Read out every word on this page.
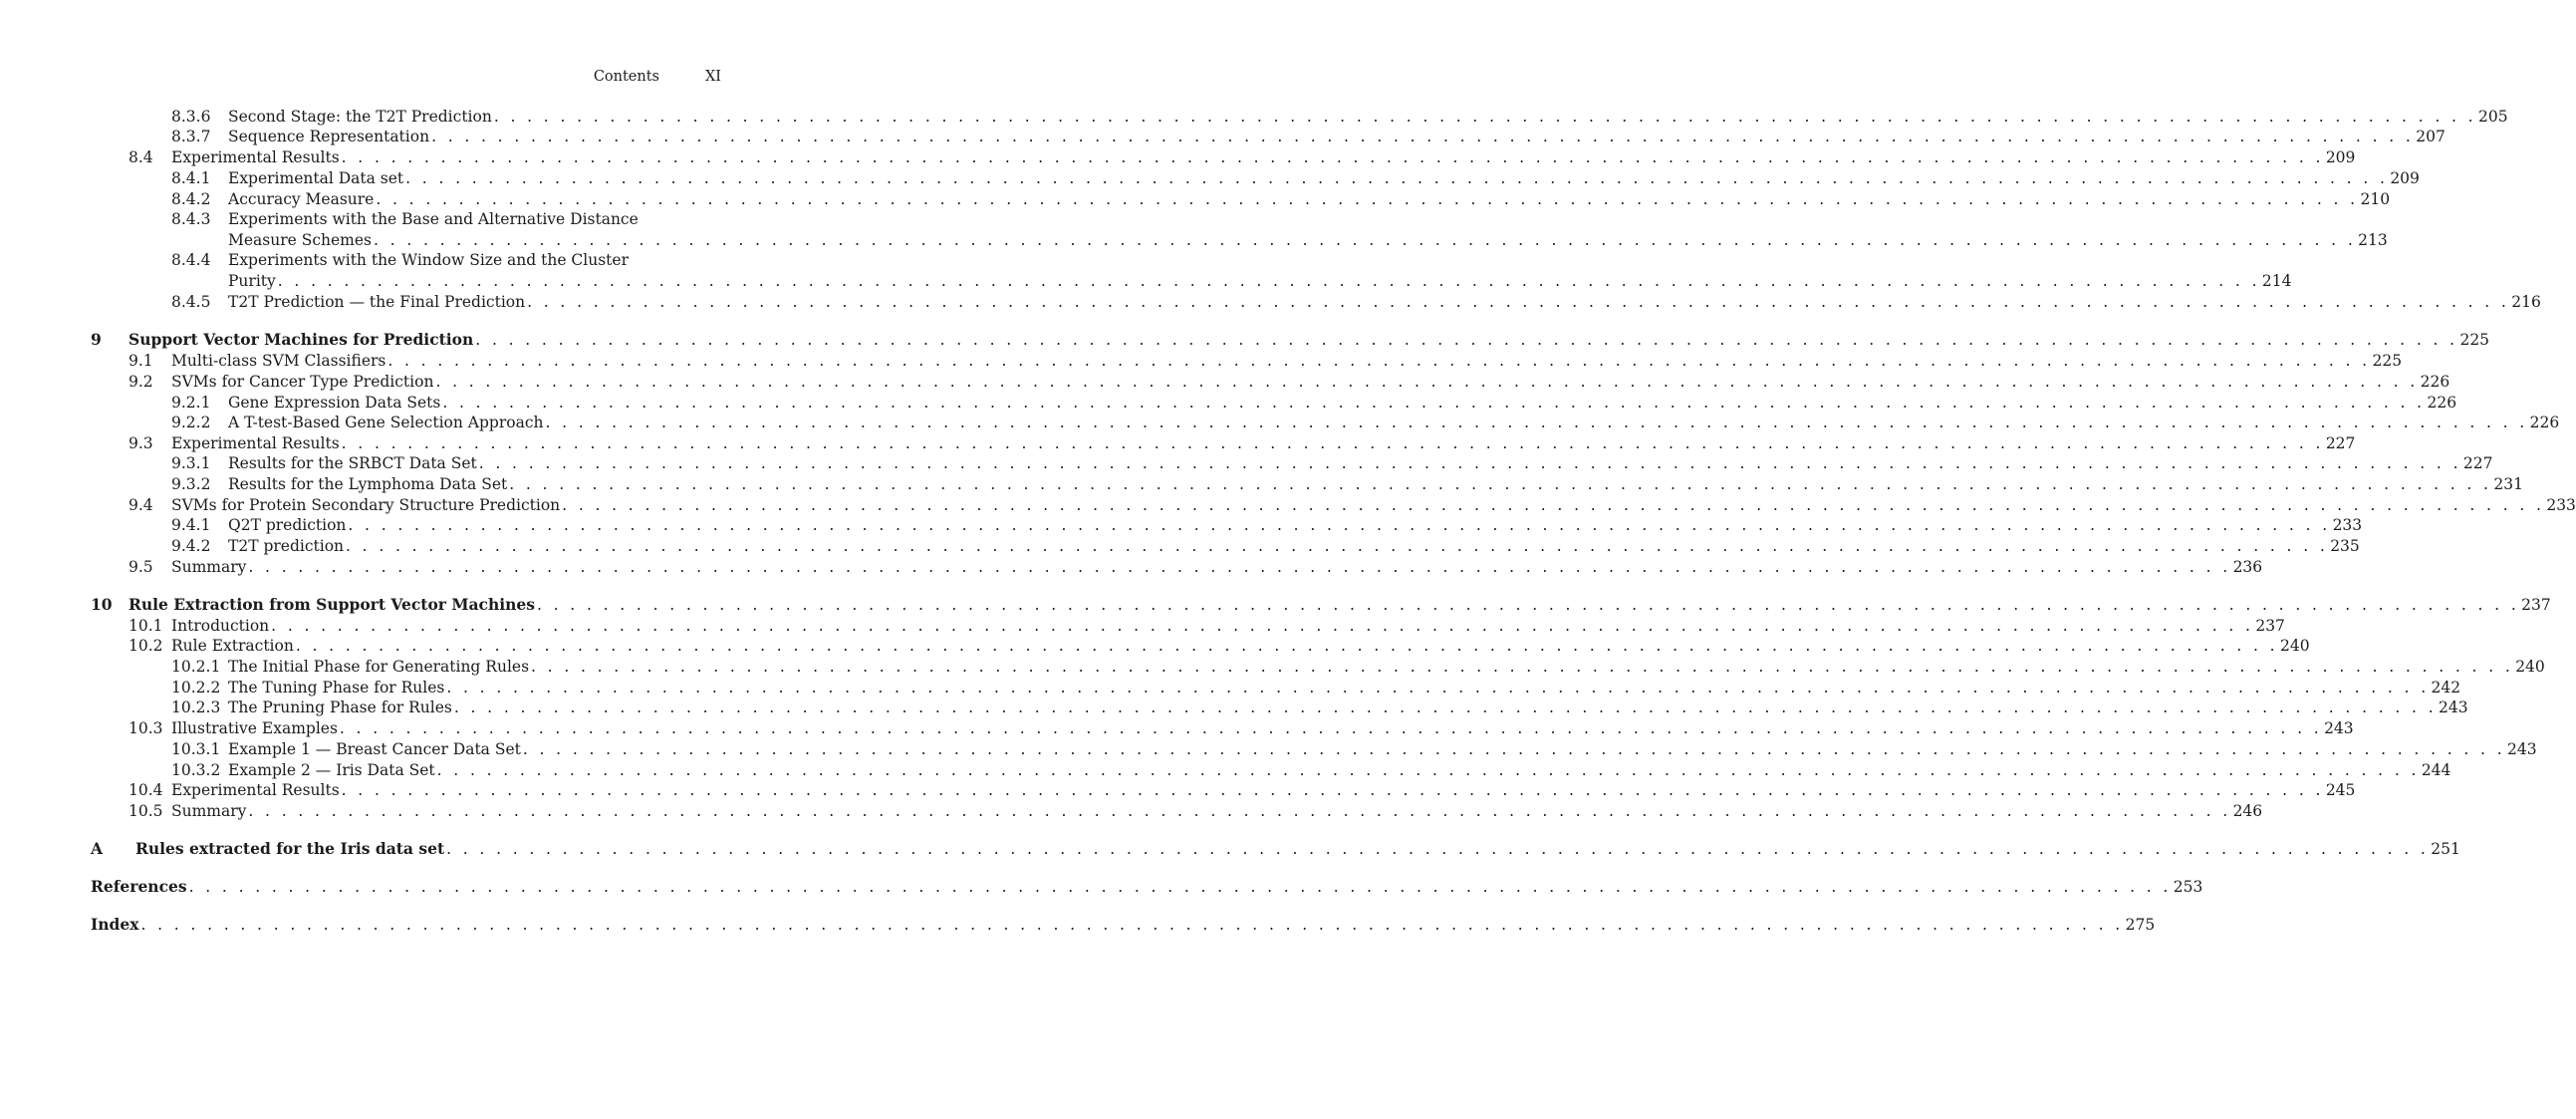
Contents	XI
8.3.6 Second Stage: the T2T Prediction . . . . . . . . . . . . . . . . . . . . . . . . . . . . . . . . . . . . . . . . . . . . . . . . . . . . . . . . . . . . . . . . . . . . . . . . . . . . . . . . . . . . . . . . . . . . . . . . . . . . . . . . . . . . . . . . . . . . . . . . 205
8.3.7 Sequence Representation . . . . . . . . . . . . . . . . . . . . . . . . . . . . . . . . . . . . . . . . . . . . . . . . . . . . . . . . . . . . . . . . . . . . . . . . . . . . . . . . . . . . . . . . . . . . . . . . . . . . . . . . . . . . . . . . . . . . . . . . 207
8.4 Experimental Results . . . . . . . . . . . . . . . . . . . . . . . . . . . . . . . . . . . . . . . . . . . . . . . . . . . . . . . . . . . . . . . . . . . . . . . . . . . . . . . . . . . . . . . . . . . . . . . . . . . . . . . . . . . . . . . . . . . . . . . . 209
8.4.1 Experimental Data set . . . . . . . . . . . . . . . . . . . . . . . . . . . . . . . . . . . . . . . . . . . . . . . . . . . . . . . . . . . . . . . . . . . . . . . . . . . . . . . . . . . . . . . . . . . . . . . . . . . . . . . . . . . . . . . . . . . . . . . . 209
8.4.2 Accuracy Measure . . . . . . . . . . . . . . . . . . . . . . . . . . . . . . . . . . . . . . . . . . . . . . . . . . . . . . . . . . . . . . . . . . . . . . . . . . . . . . . . . . . . . . . . . . . . . . . . . . . . . . . . . . . . . . . . . . . . . . . . 210
8.4.3 Experiments with the Base and Alternative Distance
Measure Schemes . . . . . . . . . . . . . . . . . . . . . . . . . . . . . . . . . . . . . . . . . . . . . . . . . . . . . . . . . . . . . . . . . . . . . . . . . . . . . . . . . . . . . . . . . . . . . . . . . . . . . . . . . . . . . . . . . . . . . . . . 213
8.4.4 Experiments with the Window Size and the Cluster
Purity . . . . . . . . . . . . . . . . . . . . . . . . . . . . . . . . . . . . . . . . . . . . . . . . . . . . . . . . . . . . . . . . . . . . . . . . . . . . . . . . . . . . . . . . . . . . . . . . . . . . . . . . . . . . . . . . . . . . . . . . 214
8.4.5 T2T Prediction — the Final Prediction . . . . . . . . . . . . . . . . . . . . . . . . . . . . . . . . . . . . . . . . . . . . . . . . . . . . . . . . . . . . . . . . . . . . . . . . . . . . . . . . . . . . . . . . . . . . . . . . . . . . . . . . . . . . . . . . . . . . . . . . 216
9 Support Vector Machines for Prediction . . . . . . . . . . . . . . . . . . . . . . . . . . . . . . . . . . . . . . . . . . . . . . . . . . . . . . . . . . . . . . . . . . . . . . . . . . . . . . . . . . . . . . . . . . . . . . . . . . . . . . . . . . . . . . . . . . . . . . . . 225
9.1 Multi-class SVM Classifiers . . . . . . . . . . . . . . . . . . . . . . . . . . . . . . . . . . . . . . . . . . . . . . . . . . . . . . . . . . . . . . . . . . . . . . . . . . . . . . . . . . . . . . . . . . . . . . . . . . . . . . . . . . . . . . . . . . . . . . . . 225
9.2 SVMs for Cancer Type Prediction . . . . . . . . . . . . . . . . . . . . . . . . . . . . . . . . . . . . . . . . . . . . . . . . . . . . . . . . . . . . . . . . . . . . . . . . . . . . . . . . . . . . . . . . . . . . . . . . . . . . . . . . . . . . . . . . . . . . . . . . 226
9.2.1 Gene Expression Data Sets . . . . . . . . . . . . . . . . . . . . . . . . . . . . . . . . . . . . . . . . . . . . . . . . . . . . . . . . . . . . . . . . . . . . . . . . . . . . . . . . . . . . . . . . . . . . . . . . . . . . . . . . . . . . . . . . . . . . . . . . 226
9.2.2 A T-test-Based Gene Selection Approach . . . . . . . . . . . . . . . . . . . . . . . . . . . . . . . . . . . . . . . . . . . . . . . . . . . . . . . . . . . . . . . . . . . . . . . . . . . . . . . . . . . . . . . . . . . . . . . . . . . . . . . . . . . . . . . . . . . . . . . . 226
9.3 Experimental Results . . . . . . . . . . . . . . . . . . . . . . . . . . . . . . . . . . . . . . . . . . . . . . . . . . . . . . . . . . . . . . . . . . . . . . . . . . . . . . . . . . . . . . . . . . . . . . . . . . . . . . . . . . . . . . . . . . . . . . . . 227
9.3.1 Results for the SRBCT Data Set . . . . . . . . . . . . . . . . . . . . . . . . . . . . . . . . . . . . . . . . . . . . . . . . . . . . . . . . . . . . . . . . . . . . . . . . . . . . . . . . . . . . . . . . . . . . . . . . . . . . . . . . . . . . . . . . . . . . . . . . 227
9.3.2 Results for the Lymphoma Data Set . . . . . . . . . . . . . . . . . . . . . . . . . . . . . . . . . . . . . . . . . . . . . . . . . . . . . . . . . . . . . . . . . . . . . . . . . . . . . . . . . . . . . . . . . . . . . . . . . . . . . . . . . . . . . . . . . . . . . . . . 231
9.4 SVMs for Protein Secondary Structure Prediction . . . . . . . . . . . . . . . . . . . . . . . . . . . . . . . . . . . . . . . . . . . . . . . . . . . . . . . . . . . . . . . . . . . . . . . . . . . . . . . . . . . . . . . . . . . . . . . . . . . . . . . . . . . . . . . . . . . . . . . . 233
9.4.1 Q2T prediction . . . . . . . . . . . . . . . . . . . . . . . . . . . . . . . . . . . . . . . . . . . . . . . . . . . . . . . . . . . . . . . . . . . . . . . . . . . . . . . . . . . . . . . . . . . . . . . . . . . . . . . . . . . . . . . . . . . . . . . . 233
9.4.2 T2T prediction . . . . . . . . . . . . . . . . . . . . . . . . . . . . . . . . . . . . . . . . . . . . . . . . . . . . . . . . . . . . . . . . . . . . . . . . . . . . . . . . . . . . . . . . . . . . . . . . . . . . . . . . . . . . . . . . . . . . . . . . 235
9.5 Summary . . . . . . . . . . . . . . . . . . . . . . . . . . . . . . . . . . . . . . . . . . . . . . . . . . . . . . . . . . . . . . . . . . . . . . . . . . . . . . . . . . . . . . . . . . . . . . . . . . . . . . . . . . . . . . . . . . . . . . . . 236
10 Rule Extraction from Support Vector Machines . . . . . . . . . . . . . . . . . . . . . . . . . . . . . . . . . . . . . . . . . . . . . . . . . . . . . . . . . . . . . . . . . . . . . . . . . . . . . . . . . . . . . . . . . . . . . . . . . . . . . . . . . . . . . . . . . . . . . . . . 237
10.1 Introduction . . . . . . . . . . . . . . . . . . . . . . . . . . . . . . . . . . . . . . . . . . . . . . . . . . . . . . . . . . . . . . . . . . . . . . . . . . . . . . . . . . . . . . . . . . . . . . . . . . . . . . . . . . . . . . . . . . . . . . . . 237
10.2 Rule Extraction . . . . . . . . . . . . . . . . . . . . . . . . . . . . . . . . . . . . . . . . . . . . . . . . . . . . . . . . . . . . . . . . . . . . . . . . . . . . . . . . . . . . . . . . . . . . . . . . . . . . . . . . . . . . . . . . . . . . . . . . 240
10.2.1 The Initial Phase for Generating Rules . . . . . . . . . . . . . . . . . . . . . . . . . . . . . . . . . . . . . . . . . . . . . . . . . . . . . . . . . . . . . . . . . . . . . . . . . . . . . . . . . . . . . . . . . . . . . . . . . . . . . . . . . . . . . . . . . . . . . . . . 240
10.2.2 The Tuning Phase for Rules . . . . . . . . . . . . . . . . . . . . . . . . . . . . . . . . . . . . . . . . . . . . . . . . . . . . . . . . . . . . . . . . . . . . . . . . . . . . . . . . . . . . . . . . . . . . . . . . . . . . . . . . . . . . . . . . . . . . . . . . 242
10.2.3 The Pruning Phase for Rules . . . . . . . . . . . . . . . . . . . . . . . . . . . . . . . . . . . . . . . . . . . . . . . . . . . . . . . . . . . . . . . . . . . . . . . . . . . . . . . . . . . . . . . . . . . . . . . . . . . . . . . . . . . . . . . . . . . . . . . . 243
10.3 Illustrative Examples . . . . . . . . . . . . . . . . . . . . . . . . . . . . . . . . . . . . . . . . . . . . . . . . . . . . . . . . . . . . . . . . . . . . . . . . . . . . . . . . . . . . . . . . . . . . . . . . . . . . . . . . . . . . . . . . . . . . . . . . 243
10.3.1 Example 1 — Breast Cancer Data Set . . . . . . . . . . . . . . . . . . . . . . . . . . . . . . . . . . . . . . . . . . . . . . . . . . . . . . . . . . . . . . . . . . . . . . . . . . . . . . . . . . . . . . . . . . . . . . . . . . . . . . . . . . . . . . . . . . . . . . . . 243
10.3.2 Example 2 — Iris Data Set . . . . . . . . . . . . . . . . . . . . . . . . . . . . . . . . . . . . . . . . . . . . . . . . . . . . . . . . . . . . . . . . . . . . . . . . . . . . . . . . . . . . . . . . . . . . . . . . . . . . . . . . . . . . . . . . . . . . . . . . 244
10.4 Experimental Results . . . . . . . . . . . . . . . . . . . . . . . . . . . . . . . . . . . . . . . . . . . . . . . . . . . . . . . . . . . . . . . . . . . . . . . . . . . . . . . . . . . . . . . . . . . . . . . . . . . . . . . . . . . . . . . . . . . . . . . . 245
10.5 Summary . . . . . . . . . . . . . . . . . . . . . . . . . . . . . . . . . . . . . . . . . . . . . . . . . . . . . . . . . . . . . . . . . . . . . . . . . . . . . . . . . . . . . . . . . . . . . . . . . . . . . . . . . . . . . . . . . . . . . . . . 246
A Rules extracted for the Iris data set . . . . . . . . . . . . . . . . . . . . . . . . . . . . . . . . . . . . . . . . . . . . . . . . . . . . . . . . . . . . . . . . . . . . . . . . . . . . . . . . . . . . . . . . . . . . . . . . . . . . . . . . . . . . . . . . . . . . . . . . 251
References . . . . . . . . . . . . . . . . . . . . . . . . . . . . . . . . . . . . . . . . . . . . . . . . . . . . . . . . . . . . . . . . . . . . . . . . . . . . . . . . . . . . . . . . . . . . . . . . . . . . . . . . . . . . . . . . . . . . . . . . 253
Index . . . . . . . . . . . . . . . . . . . . . . . . . . . . . . . . . . . . . . . . . . . . . . . . . . . . . . . . . . . . . . . . . . . . . . . . . . . . . . . . . . . . . . . . . . . . . . . . . . . . . . . . . . . . . . . . . . . . . . . . 275
